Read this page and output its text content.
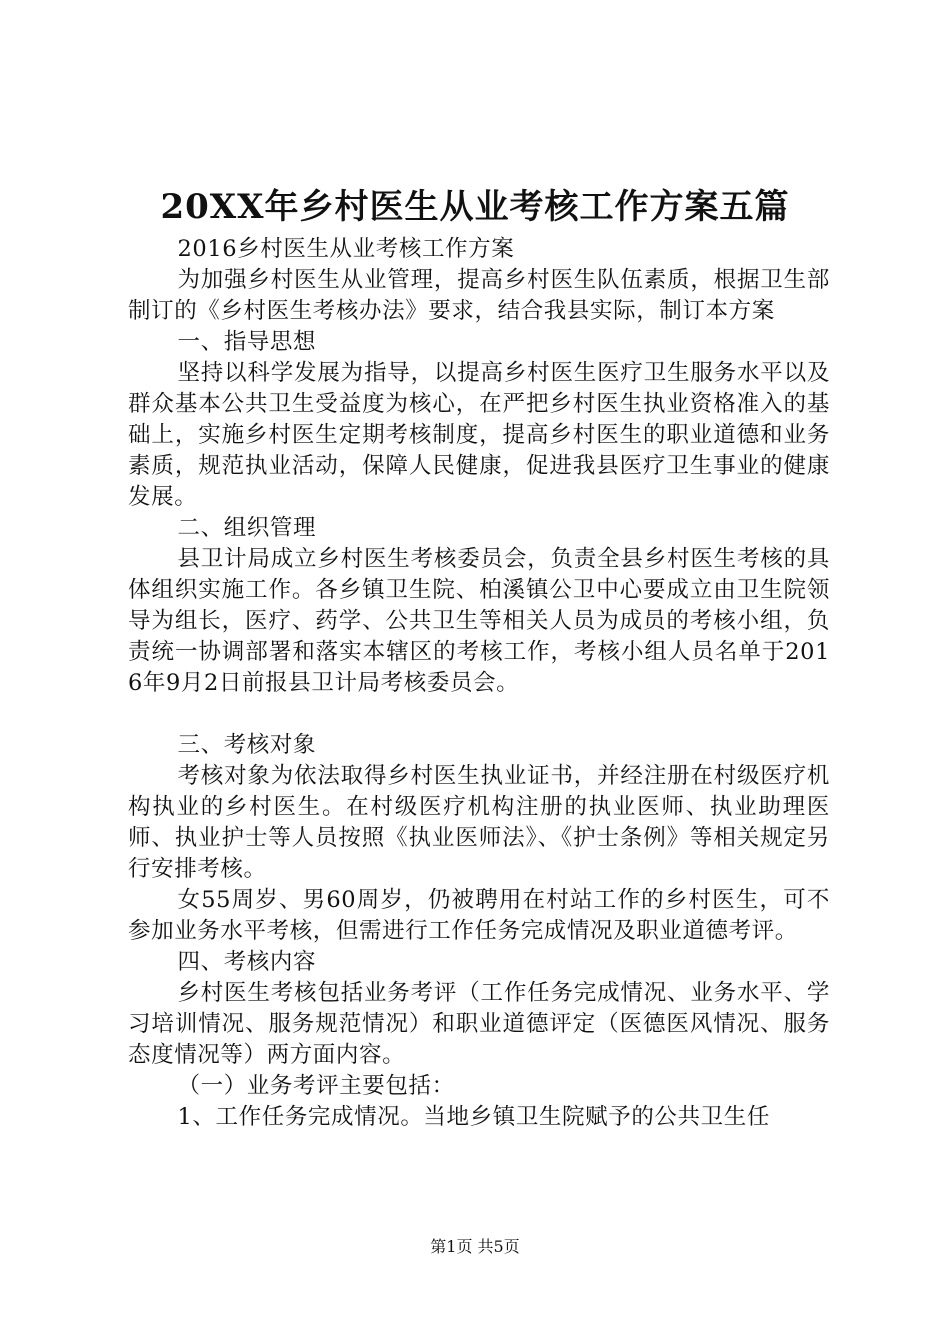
20XX年乡村医生从业考核工作方案五篇

2016乡村医生从业考核工作方案

为加强乡村医生从业管理，提高乡村医生队伍素质，根据卫生部制订的《乡村医生考核办法》要求，结合我县实际，制订本方案

一、指导思想

坚持以科学发展为指导，以提高乡村医生医疗卫生服务水平以及群众基本公共卫生受益度为核心，在严把乡村医生执业资格准入的基础上，实施乡村医生定期考核制度，提高乡村医生的职业道德和业务素质，规范执业活动，保障人民健康，促进我县医疗卫生事业的健康发展。

二、组织管理

县卫计局成立乡村医生考核委员会，负责全县乡村医生考核的具体组织实施工作。各乡镇卫生院、柏溪镇公卫中心要成立由卫生院领导为组长，医疗、药学、公共卫生等相关人员为成员的考核小组，负责统一协调部署和落实本辖区的考核工作，考核小组人员名单于2016年9月2日前报县卫计局考核委员会。

三、考核对象

考核对象为依法取得乡村医生执业证书，并经注册在村级医疗机构执业的乡村医生。在村级医疗机构注册的执业医师、执业助理医师、执业护士等人员按照《执业医师法》、《护士条例》等相关规定另行安排考核。

女55周岁、男60周岁，仍被聘用在村站工作的乡村医生，可不参加业务水平考核，但需进行工作任务完成情况及职业道德考评。

四、考核内容

乡村医生考核包括业务考评（工作任务完成情况、业务水平、学习培训情况、服务规范情况）和职业道德评定（医德医风情况、服务态度情况等）两方面内容。

（一）业务考评主要包括：

1、工作任务完成情况。当地乡镇卫生院赋予的公共卫生任

第1页 共5页
